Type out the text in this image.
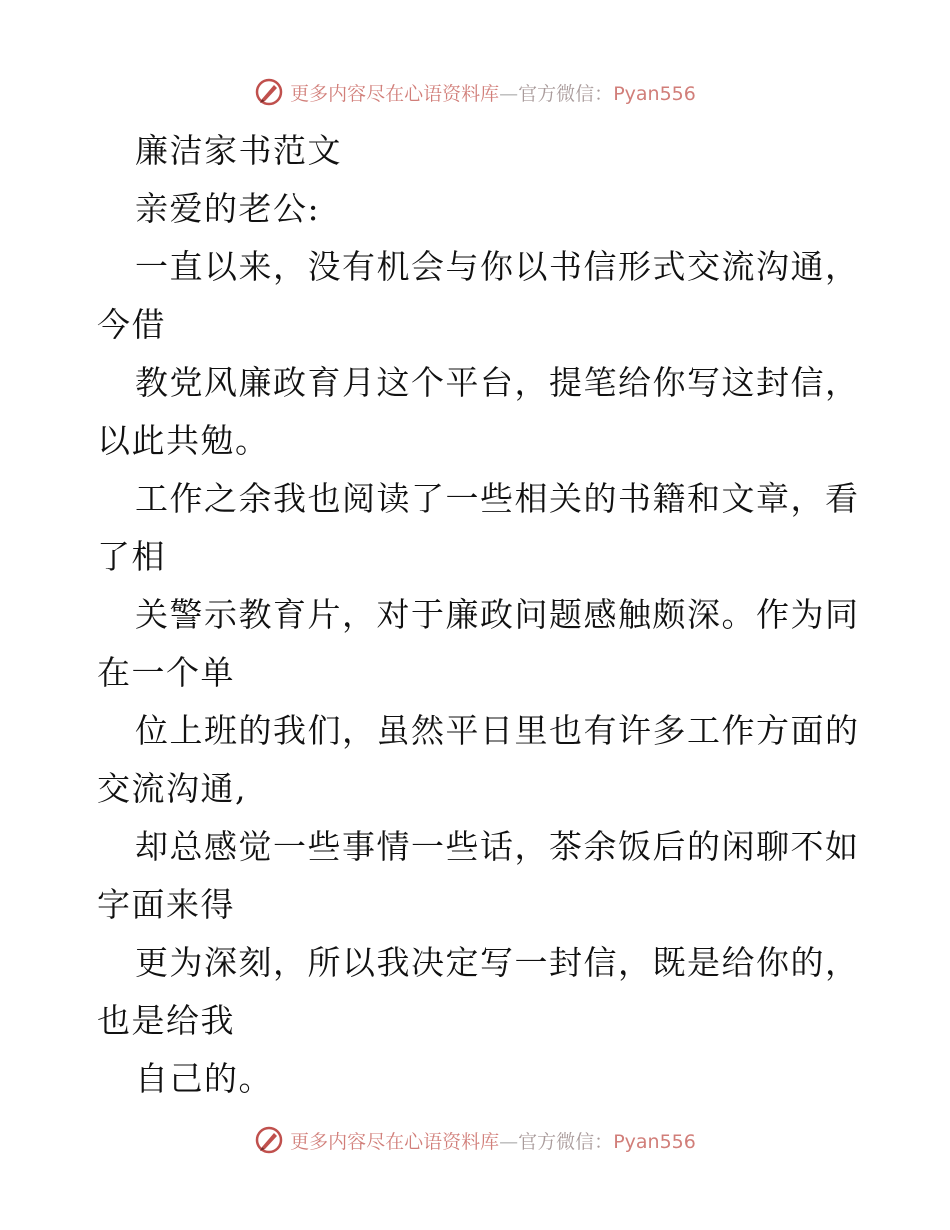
更多内容尽在心语资料库—官方微信：Pyan556
廉洁家书范文
亲爱的老公:
一直以来，没有机会与你以书信形式交流沟通，
今借
教党风廉政育月这个平台，提笔给你写这封信，
以此共勉。
工作之余我也阅读了一些相关的书籍和文章，看
了相
关警示教育片，对于廉政问题感触颇深。作为同
在一个单
位上班的我们，虽然平日里也有许多工作方面的
交流沟通,
却总感觉一些事情一些话，茶余饭后的闲聊不如
字面来得
更为深刻，所以我决定写一封信，既是给你的，
也是给我
自己的。
更多内容尽在心语资料库—官方微信：Pyan556
